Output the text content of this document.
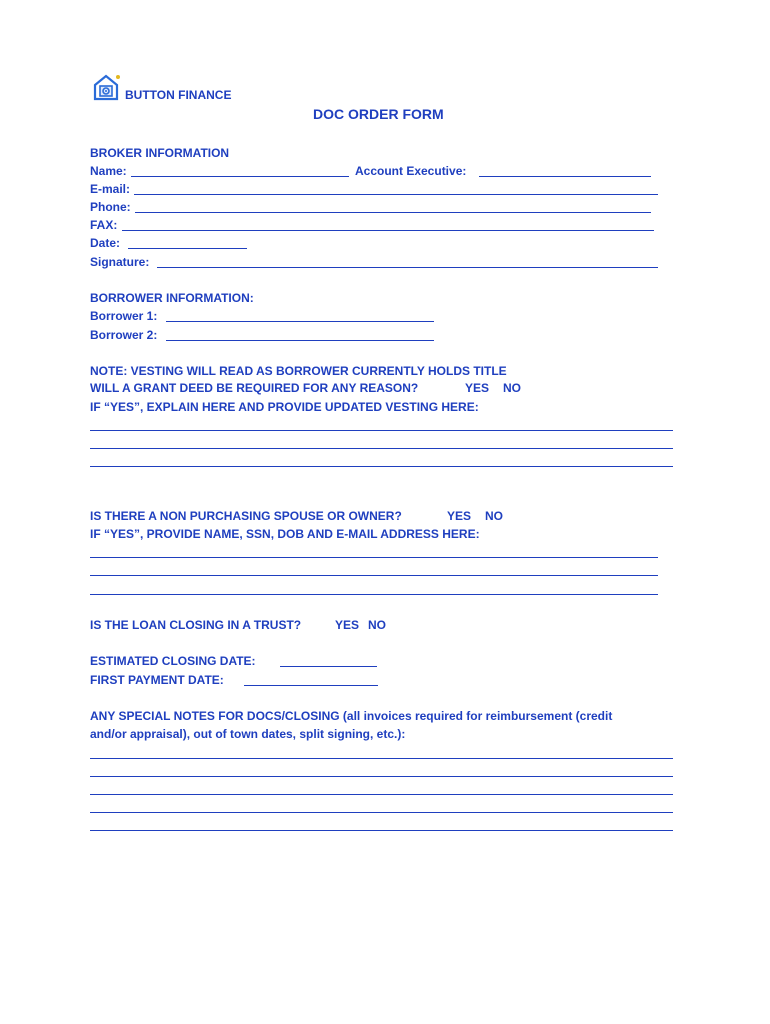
BUTTON FINANCE
DOC ORDER FORM
BROKER INFORMATION
Name:	Account Executive:
E-mail:
Phone:
FAX:
Date:
Signature:
BORROWER INFORMATION:
Borrower 1:
Borrower 2:
NOTE: VESTING WILL READ AS BORROWER CURRENTLY HOLDS TITLE
WILL A GRANT DEED BE REQUIRED FOR ANY REASON?	YES NO
IF “YES”, EXPLAIN HERE AND PROVIDE UPDATED VESTING HERE:
IS THERE A NON PURCHASING SPOUSE OR OWNER?	YES NO
IF “YES”, PROVIDE NAME, SSN, DOB AND E-MAIL ADDRESS HERE:
IS THE LOAN CLOSING IN A TRUST?	YES NO
ESTIMATED CLOSING DATE:
FIRST PAYMENT DATE:
ANY SPECIAL NOTES FOR DOCS/CLOSING (all invoices required for reimbursement (credit
and/or appraisal), out of town dates, split signing, etc.):
